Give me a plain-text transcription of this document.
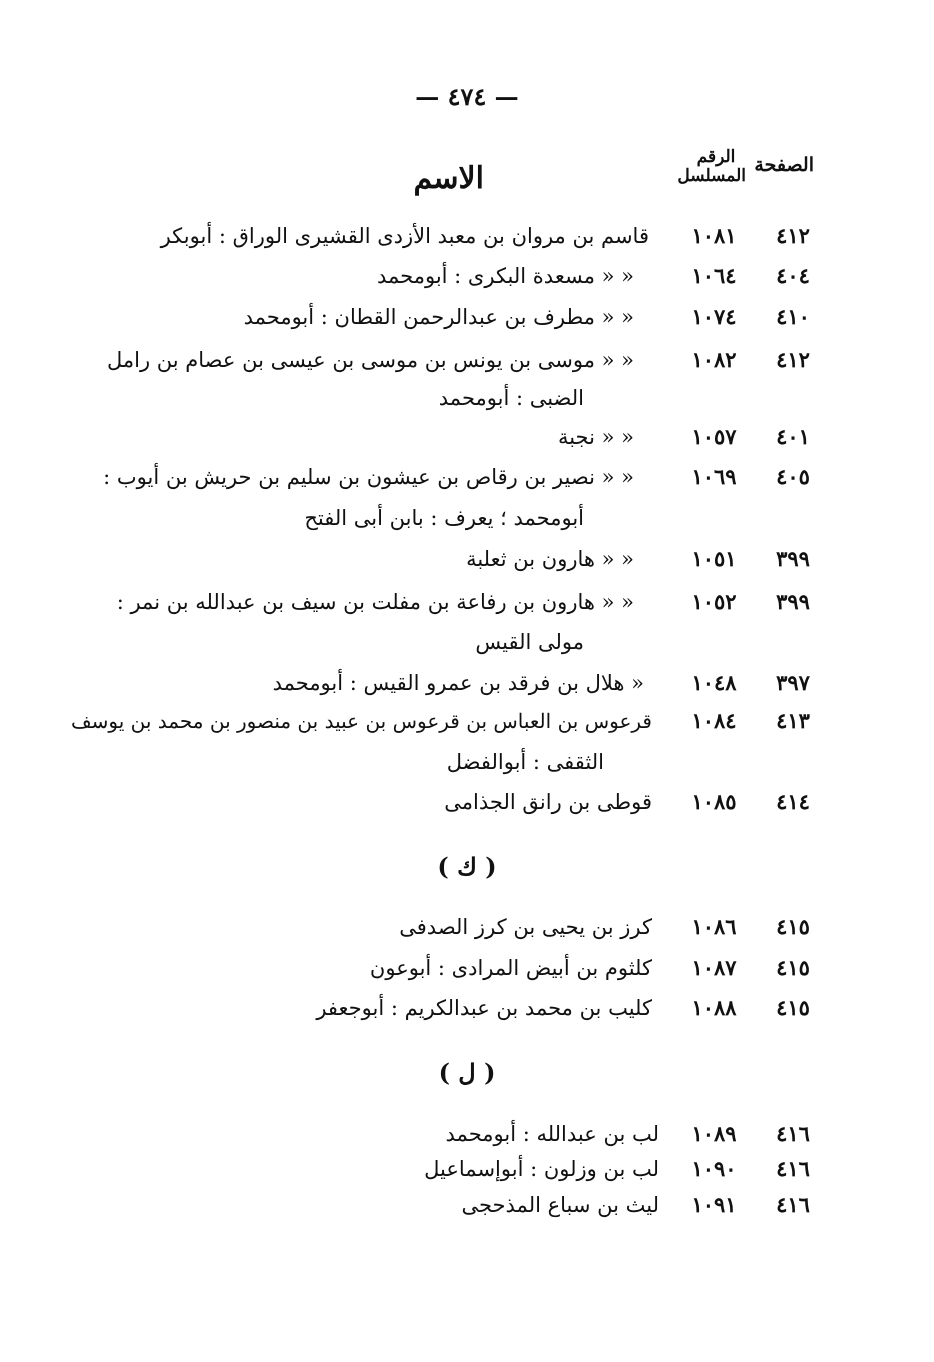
— ٤٧٤ —
الصفحة
الرقم المسلسل
الاسم
٤١٢
١٠٨١
قاسم بن مروان بن معبد الأزدى القشيرى الوراق : أبوبكر
٤٠٤
١٠٦٤
« « مسعدة البكرى : أبومحمد
٤١٠
١٠٧٤
« « مطرف بن عبدالرحمن القطان : أبومحمد
٤١٢
١٠٨٢
« « موسى بن يونس بن موسى بن عيسى بن عصام بن رامل
الضبى : أبومحمد
٤٠١
١٠٥٧
« « نجبة
٤٠٥
١٠٦٩
« « نصير بن رقاص بن عيشون بن سليم بن حريش بن أيوب :
أبومحمد ؛ يعرف : بابن أبى الفتح
٣٩٩
١٠٥١
« « هارون بن ثعلبة
٣٩٩
١٠٥٢
« « هارون بن رفاعة بن مفلت بن سيف بن عبدالله بن نمر :
مولى القيس
٣٩٧
١٠٤٨
« هلال بن فرقد بن عمرو القيس : أبومحمد
٤١٣
١٠٨٤
قرعوس بن العباس بن قرعوس بن عبيد بن منصور بن محمد بن يوسف
الثقفى : أبوالفضل
٤١٤
١٠٨٥
قوطى بن رانق الجذامى
( ك )
٤١٥
١٠٨٦
كرز بن يحيى بن كرز الصدفى
٤١٥
١٠٨٧
كلثوم بن أبيض المرادى : أبوعون
٤١٥
١٠٨٨
كليب بن محمد بن عبدالكريم : أبوجعفر
( ل )
٤١٦
١٠٨٩
لب بن عبدالله : أبومحمد
٤١٦
١٠٩٠
لب بن وزلون : أبوإسماعيل
٤١٦
١٠٩١
ليث بن سباع المذحجى
